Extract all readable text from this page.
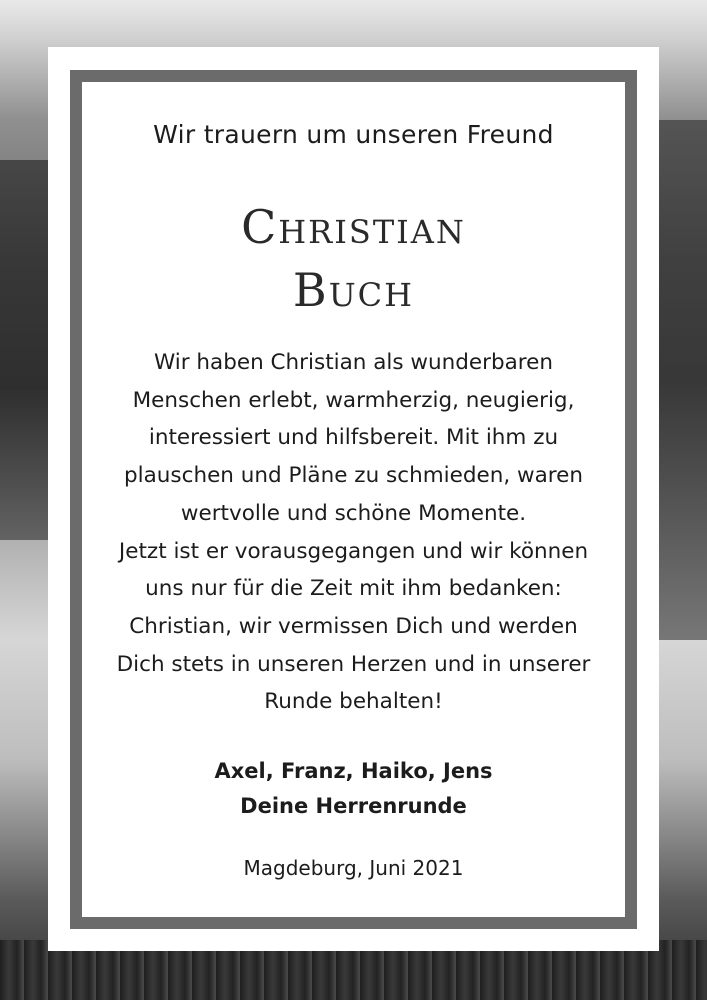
Wir trauern um unseren Freund
Christian
Buch
Wir haben Christian als wunderbaren
Menschen erlebt, warmherzig, neugierig,
interessiert und hilfsbereit. Mit ihm zu
plauschen und Pläne zu schmieden, waren
wertvolle und schöne Momente.
Jetzt ist er vorausgegangen und wir können
uns nur für die Zeit mit ihm bedanken:
Christian, wir vermissen Dich und werden
Dich stets in unseren Herzen und in unserer
Runde behalten!
Axel, Franz, Haiko, Jens
Deine Herrenrunde
Magdeburg, Juni 2021
